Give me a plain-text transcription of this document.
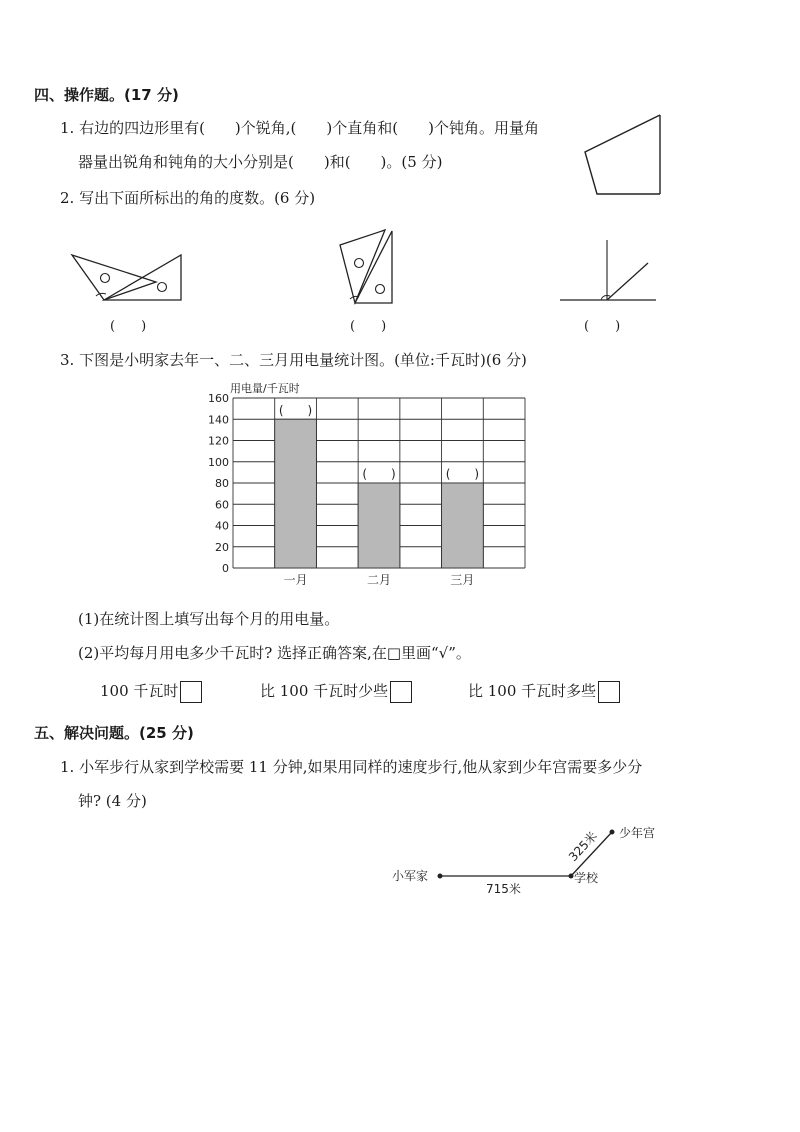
四、操作题。(17 分)
1. 右边的四边形里有(　　)个锐角,(　　)个直角和(　　)个钝角。用量角
器量出锐角和钝角的大小分别是(　　)和(　　)。(5 分)
2. 写出下面所标出的角的度数。(6 分)
(　　)	(　　)	(　　)
3. 下图是小明家去年一、二、三月用电量统计图。(单位:千瓦时)(6 分)
用电量/千瓦时
0
20
40
60
80
100
120
140
160
一月	二月	三月
(　　)
(　　)	(　　)
(1)在统计图上填写出每个月的用电量。
(2)平均每月用电多少千瓦时? 选择正确答案,在□里画“√”。
100 千瓦时	比 100 千瓦时少些	比 100 千瓦时多些
五、解决问题。(25 分)
1. 小军步行从家到学校需要 11 分钟,如果用同样的速度步行,他从家到少年宫需要多少分
钟? (4 分)
小军家	学校
少年宫
715米
325米
